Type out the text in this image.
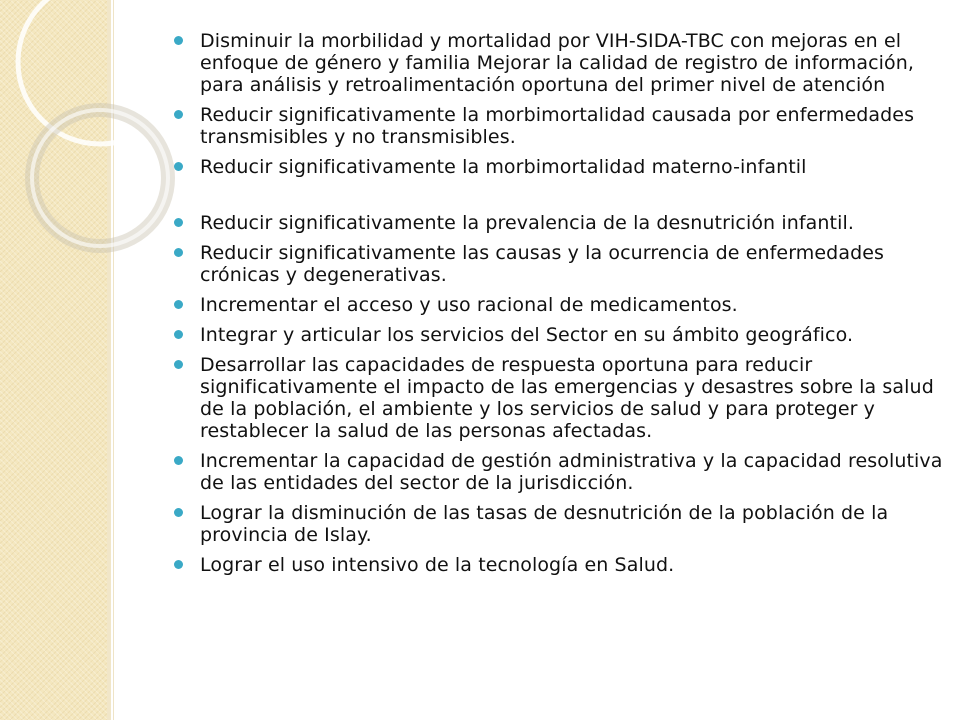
Disminuir la morbilidad y mortalidad por VIH-SIDA-TBC con mejoras en el enfoque de género y familia Mejorar la calidad de registro de información, para análisis y retroalimentación oportuna del primer nivel de atención
Reducir significativamente la morbimortalidad causada por enfermedades transmisibles y no transmisibles.
Reducir significativamente la morbimortalidad materno-infantil
Reducir significativamente la prevalencia de la desnutrición infantil.
Reducir significativamente las causas y la ocurrencia de enfermedades crónicas y degenerativas.
Incrementar el acceso y uso racional de medicamentos.
Integrar y articular los servicios del Sector en su ámbito geográfico.
Desarrollar las capacidades de respuesta oportuna para reducir significativamente el impacto de las emergencias y desastres sobre la salud de la población, el ambiente y los servicios de salud y para proteger y restablecer la salud de las personas afectadas.
Incrementar la capacidad de gestión administrativa y la capacidad resolutiva de las entidades del sector de la jurisdicción.
Lograr la disminución de las tasas de desnutrición de la población de la provincia de Islay.
Lograr el uso intensivo de la tecnología en Salud.
